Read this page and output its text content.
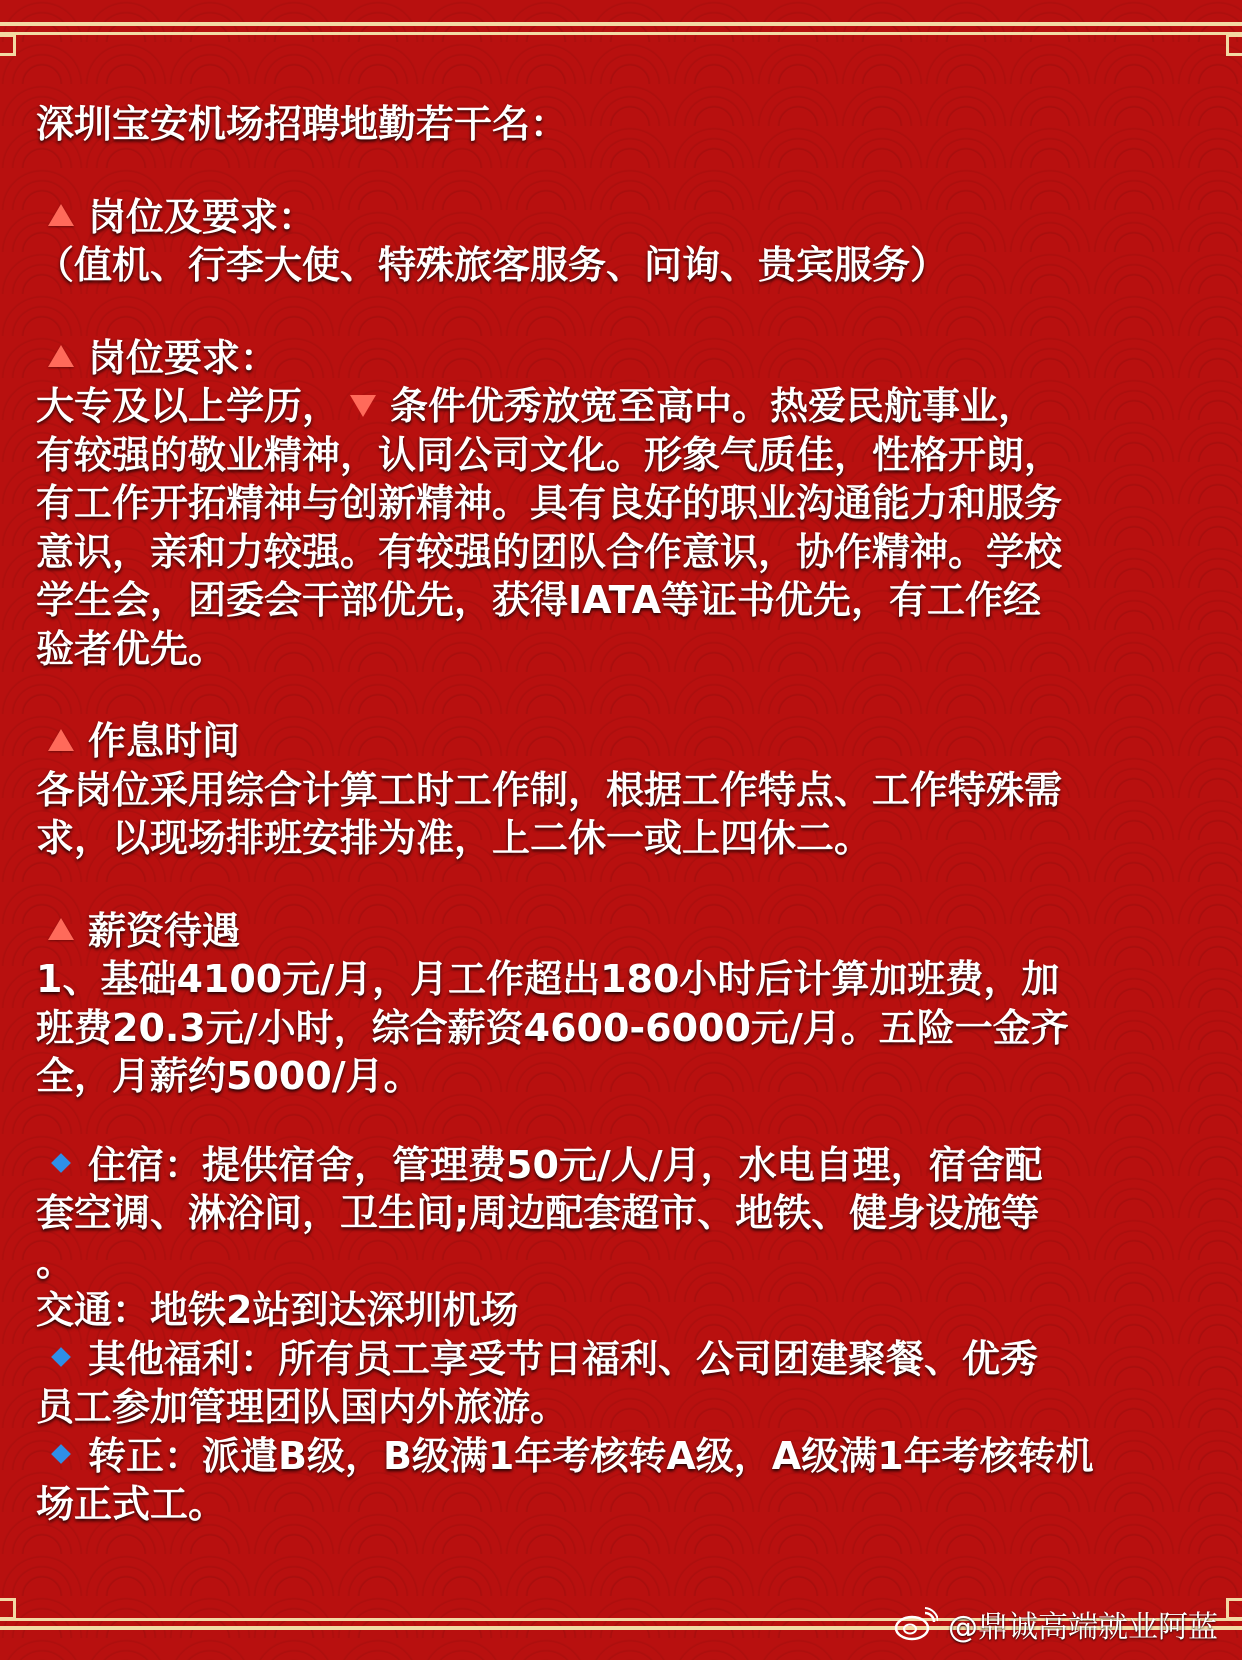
深圳宝安机场招聘地勤若干名：
岗位及要求：
（值机、行李大使、特殊旅客服务、问询、贵宾服务）
岗位要求：
大专及以上学历， 条件优秀放宽至高中。热爱民航事业，
有较强的敬业精神，认同公司文化。形象气质佳，性格开朗，
有工作开拓精神与创新精神。具有良好的职业沟通能力和服务
意识，亲和力较强。有较强的团队合作意识，协作精神。学校
学生会，团委会干部优先，获得IATA等证书优先，有工作经
验者优先。
作息时间
各岗位采用综合计算工时工作制，根据工作特点、工作特殊需
求，以现场排班安排为准，上二休一或上四休二。
薪资待遇
1、基础4100元/月，月工作超出180小时后计算加班费，加
班费20.3元/小时，综合薪资4600-6000元/月。五险一金齐
全，月薪约5000/月。
住宿：提供宿舍，管理费50元/人/月，水电自理，宿舍配
套空调、淋浴间，卫生间;周边配套超市、地铁、健身设施等
。
交通：地铁2站到达深圳机场
其他福利：所有员工享受节日福利、公司团建聚餐、优秀
员工参加管理团队国内外旅游。
转正：派遣B级，B级满1年考核转A级，A级满1年考核转机
场正式工。
@鼎诚高端就业阿蓝
